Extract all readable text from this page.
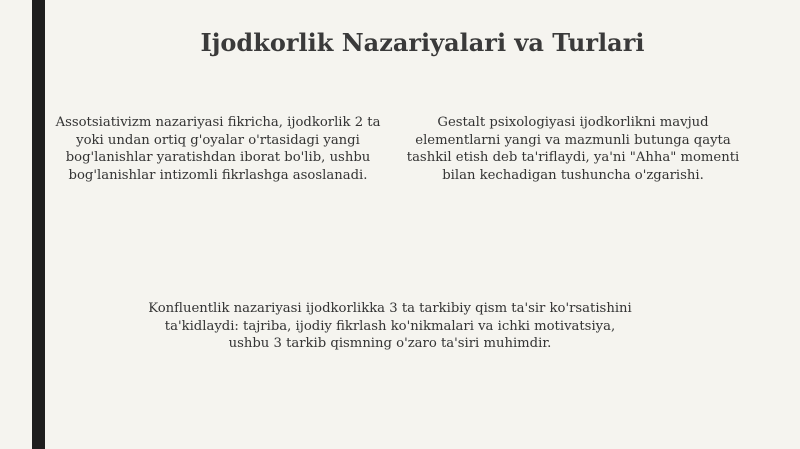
Ijodkorlik Nazariyalari va Turlari

Assotsiativizm nazariyasi fikricha, ijodkorlik 2 ta yoki undan ortiq g'oyalar o'rtasidagi yangi bog'lanishlar yaratishdan iborat bo'lib, ushbu bog'lanishlar intizomli fikrlashga asoslanadi.

Gestalt psixologiyasi ijodkorlikni mavjud elementlarni yangi va mazmunli butunga qayta tashkil etish deb ta'riflaydi, ya'ni "Ahha" momenti bilan kechadigan tushuncha o'zgarishi.

Konfluentlik nazariyasi ijodkorlikka 3 ta tarkibiy qism ta'sir ko'rsatishini ta'kidlaydi: tajriba, ijodiy fikrlash ko'nikmalari va ichki motivatsiya, ushbu 3 tarkib qismning o'zaro ta'siri muhimdir.
